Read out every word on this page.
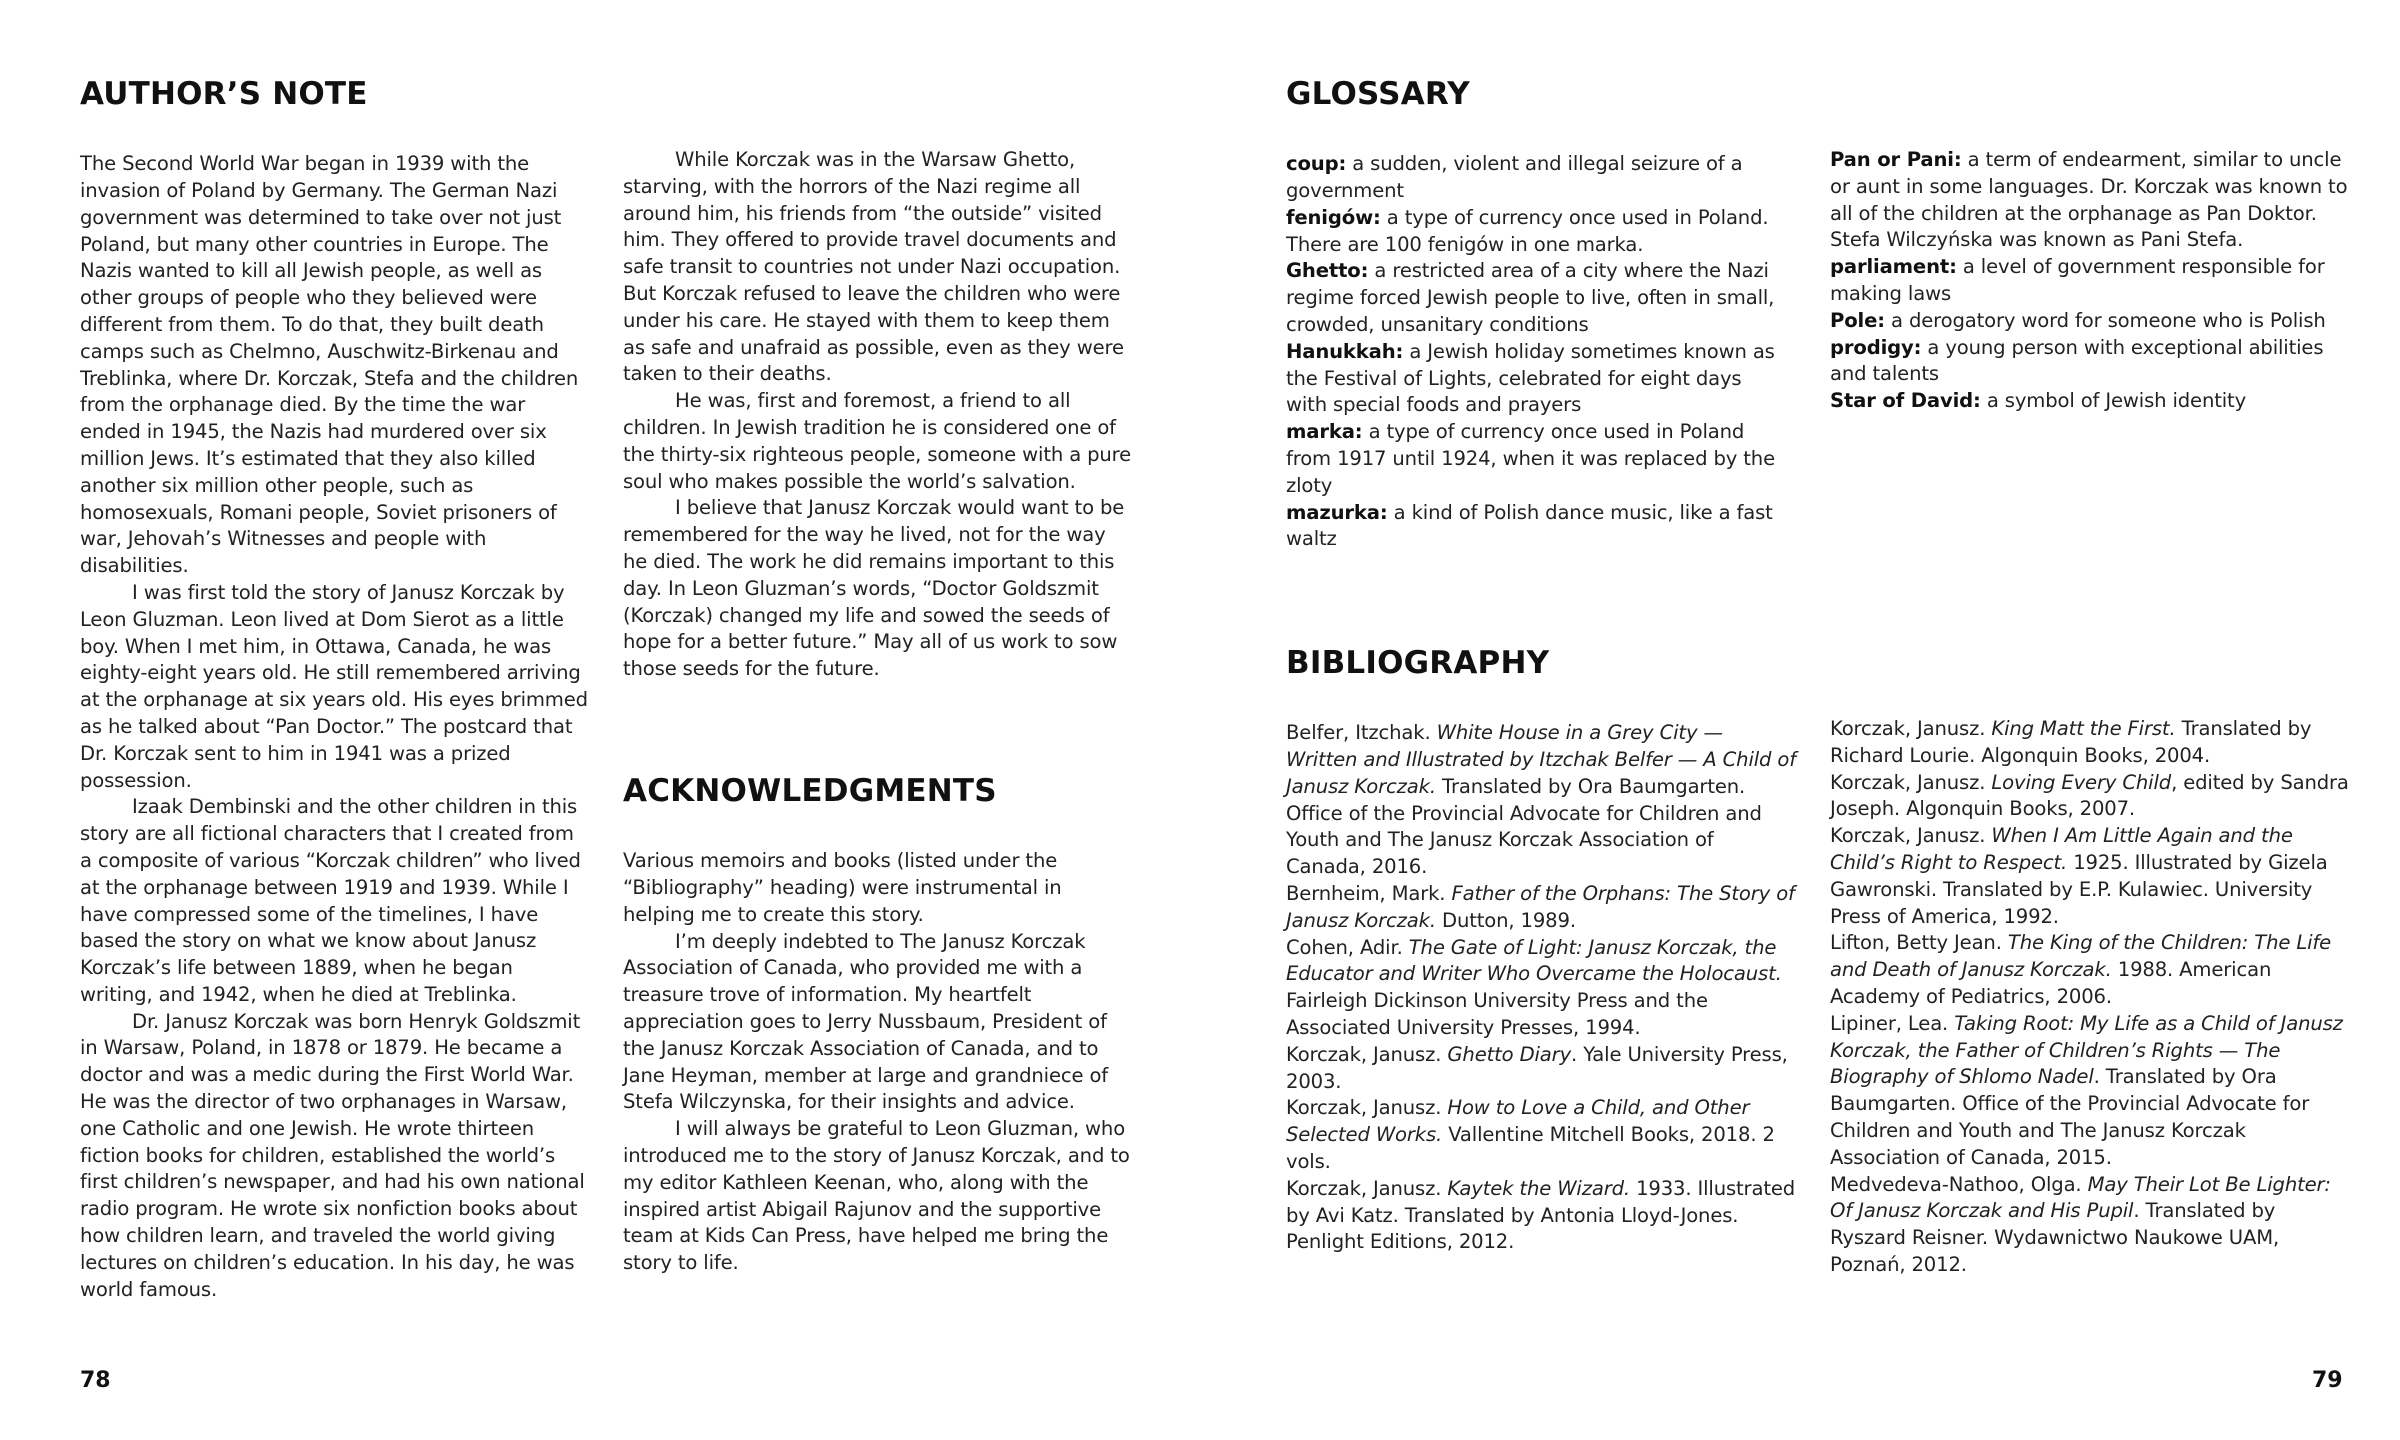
AUTHOR’S NOTE

The Second World War began in 1939 with the invasion of Poland by Germany. The German Nazi government was determined to take over not just Poland, but many other countries in Europe. The Nazis wanted to kill all Jewish people, as well as other groups of people who they believed were different from them. To do that, they built death camps such as Chelmno, Auschwitz-Birkenau and Treblinka, where Dr. Korczak, Stefa and the children from the orphanage died. By the time the war ended in 1945, the Nazis had murdered over six million Jews. It’s estimated that they also killed another six million other people, such as homosexuals, Romani people, Soviet prisoners of war, Jehovah’s Witnesses and people with disabilities.

I was first told the story of Janusz Korczak by Leon Gluzman. Leon lived at Dom Sierot as a little boy. When I met him, in Ottawa, Canada, he was eighty-eight years old. He still remembered arriving at the orphanage at six years old. His eyes brimmed as he talked about “Pan Doctor.” The postcard that Dr. Korczak sent to him in 1941 was a prized possession.

Izaak Dembinski and the other children in this story are all fictional characters that I created from a composite of various “Korczak children” who lived at the orphanage between 1919 and 1939. While I have compressed some of the timelines, I have based the story on what we know about Janusz Korczak’s life between 1889, when he began writing, and 1942, when he died at Treblinka.

Dr. Janusz Korczak was born Henryk Goldszmit in Warsaw, Poland, in 1878 or 1879. He became a doctor and was a medic during the First World War. He was the director of two orphanages in Warsaw, one Catholic and one Jewish. He wrote thirteen fiction books for children, established the world’s first children’s newspaper, and had his own national radio program. He wrote six nonfiction books about how children learn, and traveled the world giving lectures on children’s education. In his day, he was world famous.

While Korczak was in the Warsaw Ghetto, starving, with the horrors of the Nazi regime all around him, his friends from “the outside” visited him. They offered to provide travel documents and safe transit to countries not under Nazi occupation. But Korczak refused to leave the children who were under his care. He stayed with them to keep them as safe and unafraid as possible, even as they were taken to their deaths.

He was, first and foremost, a friend to all children. In Jewish tradition he is considered one of the thirty-six righteous people, someone with a pure soul who makes possible the world’s salvation.

I believe that Janusz Korczak would want to be remembered for the way he lived, not for the way he died. The work he did remains important to this day. In Leon Gluzman’s words, “Doctor Goldszmit (Korczak) changed my life and sowed the seeds of hope for a better future.” May all of us work to sow those seeds for the future.

ACKNOWLEDGMENTS

Various memoirs and books (listed under the “Bibliography” heading) were instrumental in helping me to create this story.

I’m deeply indebted to The Janusz Korczak Association of Canada, who provided me with a treasure trove of information. My heartfelt appreciation goes to Jerry Nussbaum, President of the Janusz Korczak Association of Canada, and to Jane Heyman, member at large and grandniece of Stefa Wilczynska, for their insights and advice.

I will always be grateful to Leon Gluzman, who introduced me to the story of Janusz Korczak, and to my editor Kathleen Keenan, who, along with the inspired artist Abigail Rajunov and the supportive team at Kids Can Press, have helped me bring the story to life.

78
GLOSSARY

coup: a sudden, violent and illegal seizure of a government

fenigów: a type of currency once used in Poland. There are 100 fenigów in one marka.

Ghetto: a restricted area of a city where the Nazi regime forced Jewish people to live, often in small, crowded, unsanitary conditions

Hanukkah: a Jewish holiday sometimes known as the Festival of Lights, celebrated for eight days with special foods and prayers

marka: a type of currency once used in Poland from 1917 until 1924, when it was replaced by the zloty

mazurka: a kind of Polish dance music, like a fast waltz

Pan or Pani: a term of endearment, similar to uncle or aunt in some languages. Dr. Korczak was known to all of the children at the orphanage as Pan Doktor. Stefa Wilczyńska was known as Pani Stefa.

parliament: a level of government responsible for making laws

Pole: a derogatory word for someone who is Polish

prodigy: a young person with exceptional abilities and talents

Star of David: a symbol of Jewish identity

BIBLIOGRAPHY

Belfer, Itzchak. White House in a Grey City — Written and Illustrated by Itzchak Belfer — A Child of Janusz Korczak. Translated by Ora Baumgarten. Office of the Provincial Advocate for Children and Youth and The Janusz Korczak Association of Canada, 2016.

Bernheim, Mark. Father of the Orphans: The Story of Janusz Korczak. Dutton, 1989.

Cohen, Adir. The Gate of Light: Janusz Korczak, the Educator and Writer Who Overcame the Holocaust. Fairleigh Dickinson University Press and the Associated University Presses, 1994.

Korczak, Janusz. Ghetto Diary. Yale University Press, 2003.

Korczak, Janusz. How to Love a Child, and Other Selected Works. Vallentine Mitchell Books, 2018. 2 vols.

Korczak, Janusz. Kaytek the Wizard. 1933. Illustrated by Avi Katz. Translated by Antonia Lloyd-Jones. Penlight Editions, 2012.

Korczak, Janusz. King Matt the First. Translated by Richard Lourie. Algonquin Books, 2004.

Korczak, Janusz. Loving Every Child, edited by Sandra Joseph. Algonquin Books, 2007.

Korczak, Janusz. When I Am Little Again and the Child’s Right to Respect. 1925. Illustrated by Gizela Gawronski. Translated by E.P. Kulawiec. University Press of America, 1992.

Lifton, Betty Jean. The King of the Children: The Life and Death of Janusz Korczak. 1988. American Academy of Pediatrics, 2006.

Lipiner, Lea. Taking Root: My Life as a Child of Janusz Korczak, the Father of Children’s Rights — The Biography of Shlomo Nadel. Translated by Ora Baumgarten. Office of the Provincial Advocate for Children and Youth and The Janusz Korczak Association of Canada, 2015.

Medvedeva-Nathoo, Olga. May Their Lot Be Lighter: Of Janusz Korczak and His Pupil. Translated by Ryszard Reisner. Wydawnictwo Naukowe UAM, Poznań, 2012.

79
